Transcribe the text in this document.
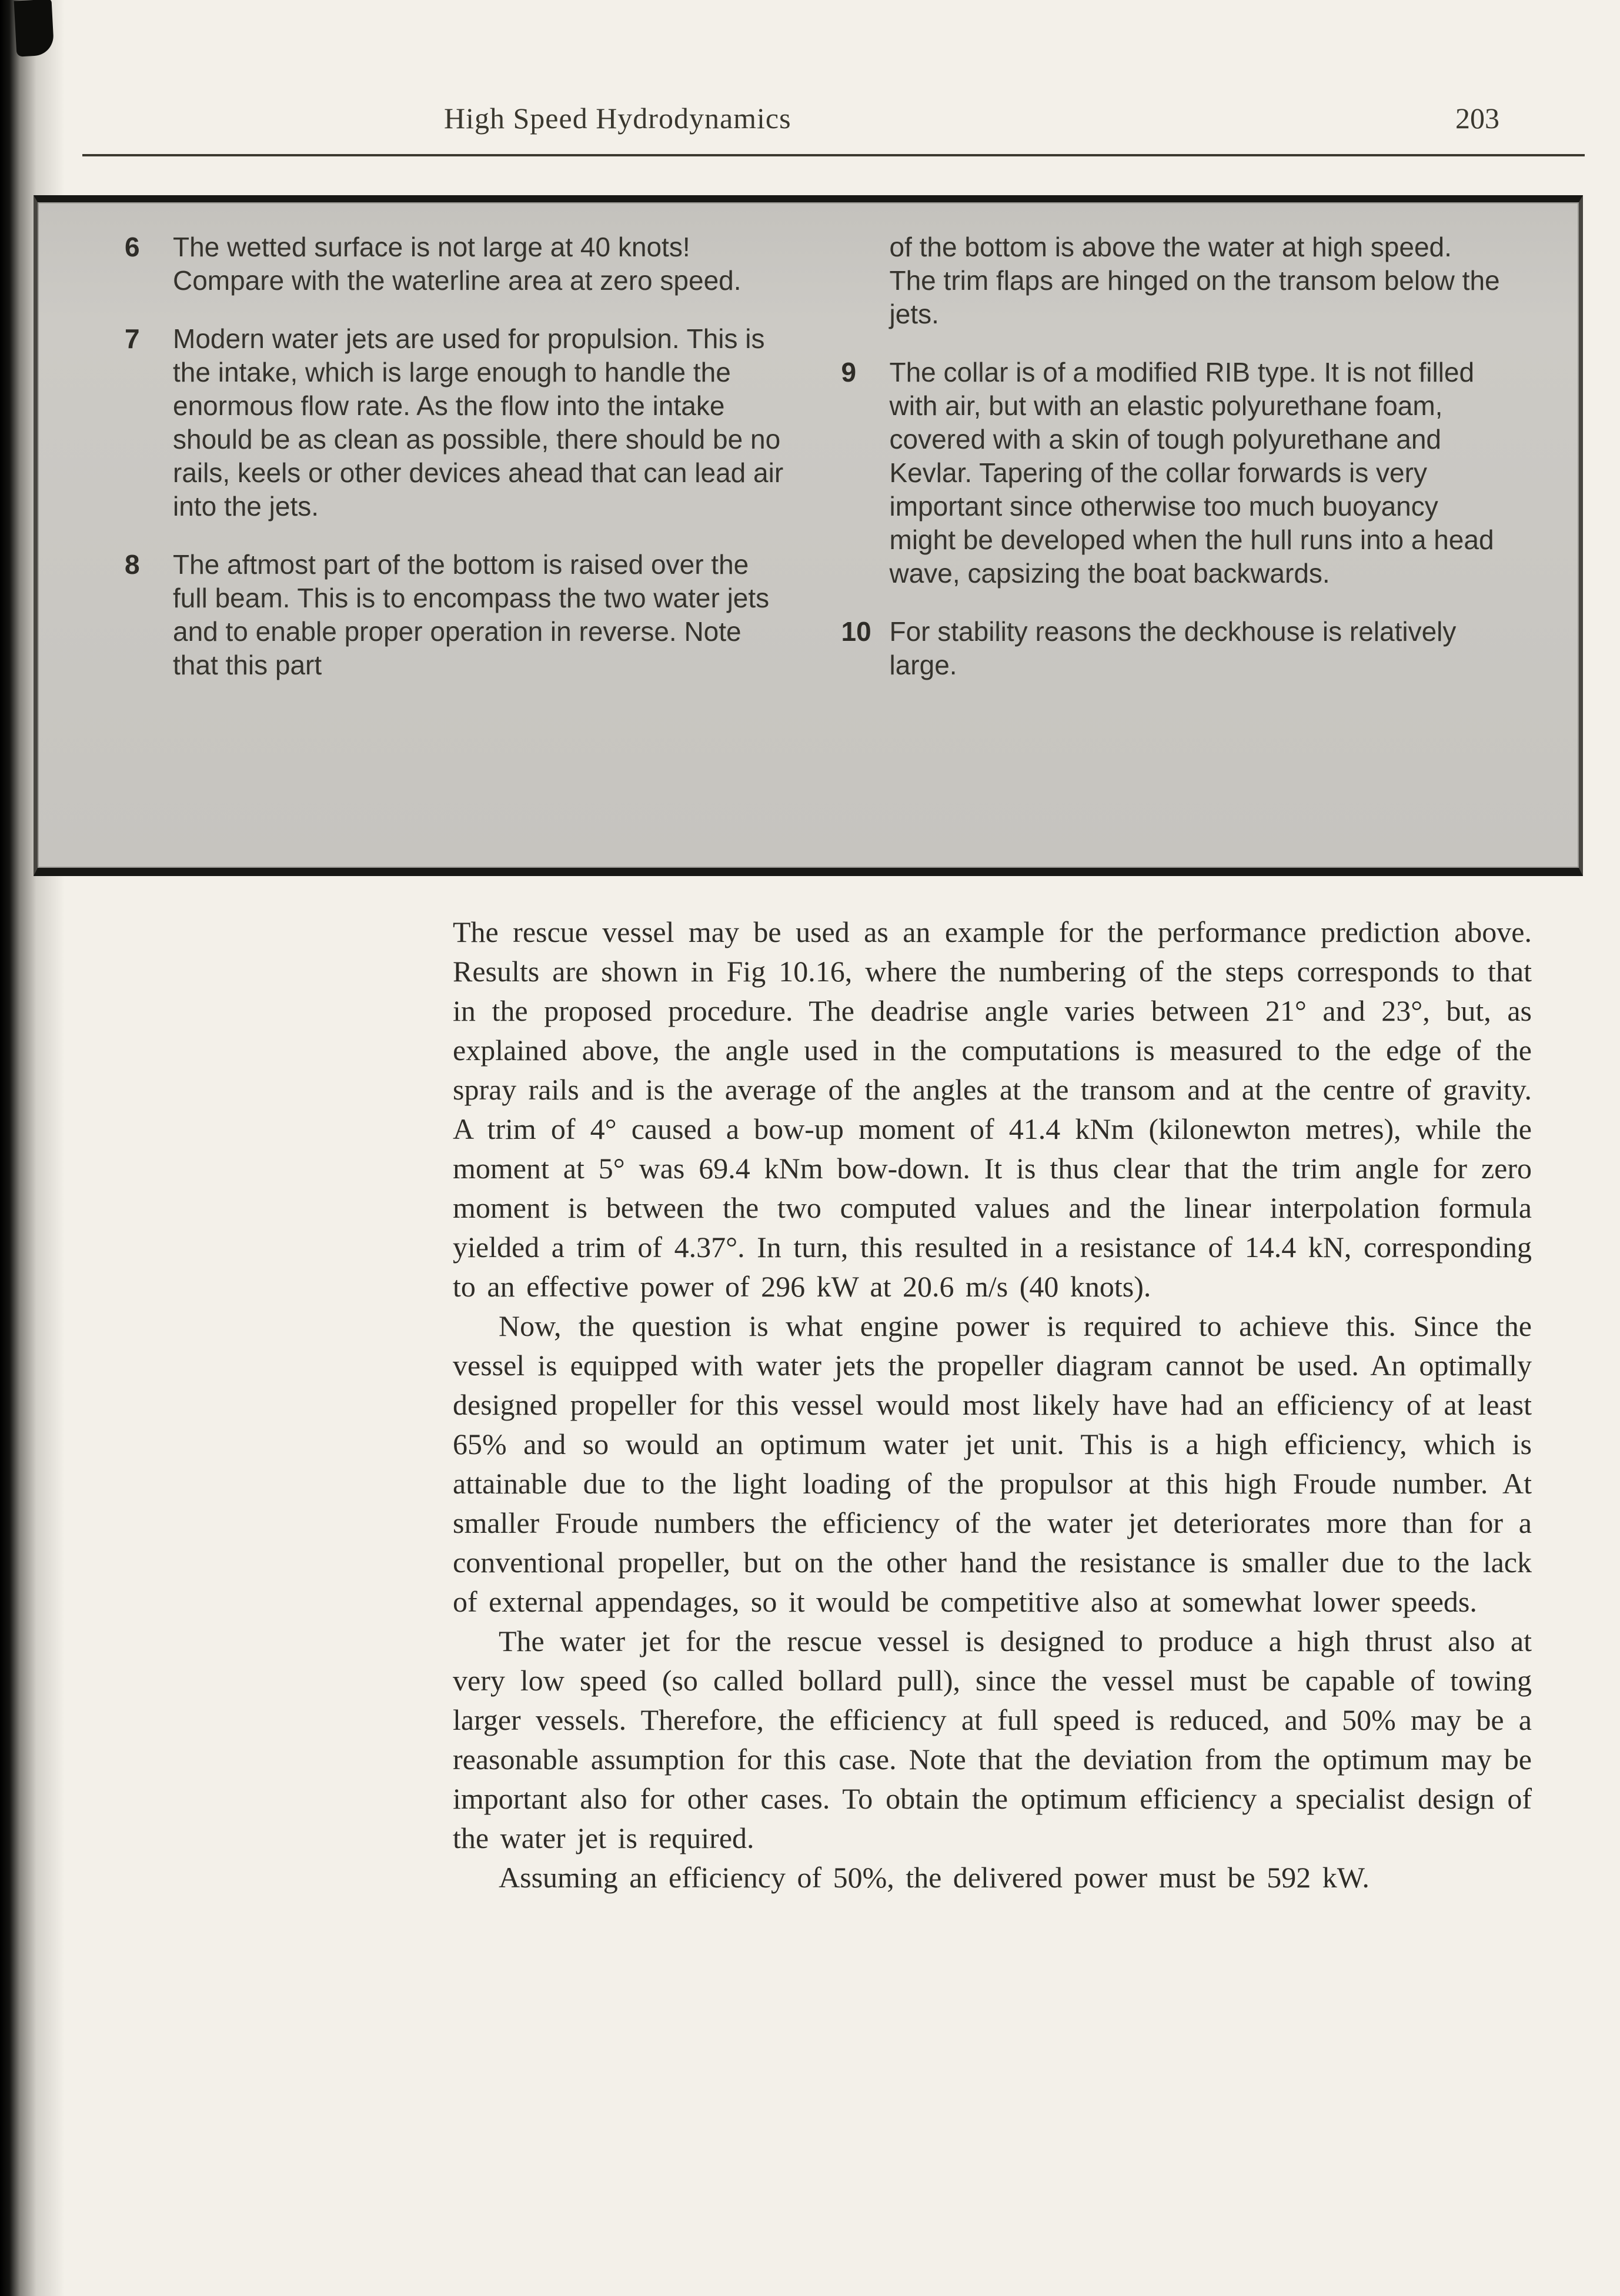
High Speed Hydrodynamics	203
6	The wetted surface is not large at 40 knots! Compare with the waterline area at zero speed.

7	Modern water jets are used for propulsion. This is the intake, which is large enough to handle the enormous flow rate. As the flow into the intake should be as clean as possible, there should be no rails, keels or other devices ahead that can lead air into the jets.

8	The aftmost part of the bottom is raised over the full beam. This is to encompass the two water jets and to enable proper operation in reverse. Note that this part

of the bottom is above the water at high speed. The trim flaps are hinged on the transom below the jets.

9	The collar is of a modified RIB type. It is not filled with air, but with an elastic polyurethane foam, covered with a skin of tough polyurethane and Kevlar. Tapering of the collar forwards is very important since otherwise too much buoyancy might be developed when the hull runs into a head wave, capsizing the boat backwards.

10 For stability reasons the deckhouse is relatively large.

The rescue vessel may be used as an example for the performance prediction above. Results are shown in Fig 10.16, where the numbering of the steps corresponds to that in the proposed procedure. The deadrise angle varies between 21° and 23°, but, as explained above, the angle used in the computations is measured to the edge of the spray rails and is the average of the angles at the transom and at the centre of gravity. A trim of 4° caused a bow-up moment of 41.4 kNm (kilonewton metres), while the moment at 5° was 69.4 kNm bow-down. It is thus clear that the trim angle for zero moment is between the two computed values and the linear interpolation formula yielded a trim of 4.37°. In turn, this resulted in a resistance of 14.4 kN, corresponding to an effective power of 296 kW at 20.6 m/s (40 knots).

Now, the question is what engine power is required to achieve this. Since the vessel is equipped with water jets the propeller diagram cannot be used. An optimally designed propeller for this vessel would most likely have had an efficiency of at least 65% and so would an optimum water jet unit. This is a high efficiency, which is attainable due to the light loading of the propulsor at this high Froude number. At smaller Froude numbers the efficiency of the water jet deteriorates more than for a conventional propeller, but on the other hand the resistance is smaller due to the lack of external appendages, so it would be competitive also at somewhat lower speeds.

The water jet for the rescue vessel is designed to produce a high thrust also at very low speed (so called bollard pull), since the vessel must be capable of towing larger vessels. Therefore, the efficiency at full speed is reduced, and 50% may be a reasonable assumption for this case. Note that the deviation from the optimum may be important also for other cases. To obtain the optimum efficiency a specialist design of the water jet is required.

Assuming an efficiency of 50%, the delivered power must be 592 kW.
